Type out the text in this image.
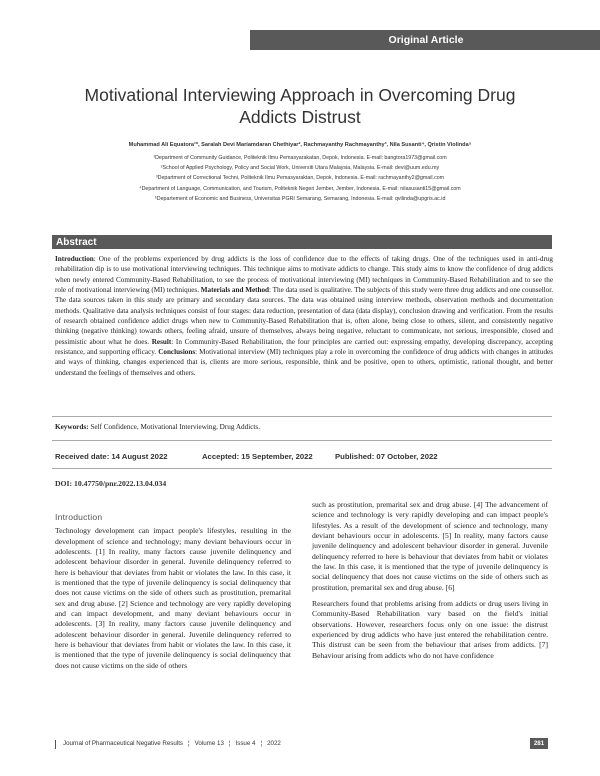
Original Article
Motivational Interviewing Approach in Overcoming Drug Addicts Distrust
Muhammad Ali Equatora¹*, Saralah Devi Mariamdaran Chethiyar², Rachmayanthy Rachmayanthy³, Nila Susanti⁴, Qristin Violinda⁵
¹Department of Community Guidance, Politeknik Ilmu Pemasyarakatan, Depok, Indonesia. E-mail: bangtora1973@gmail.com
²School of Applied Psychology, Policy and Social Work, Universiti Utara Malaysia, Malaysia. E-mail: devi@uum.edu.my
³Department of Correctional Techni, Politeknik Ilmu Pemasyaraktan, Depok, Indonesia. E-mail: rachmayanthy2@gmail.com
⁴Department of Language, Communication, and Tourism, Politeknik Negeri Jember, Jember, Indonesia. E-mail: nilasusanti15@gmail.com
⁵Departement of Economic and Business, Universitas PGRI Semarang, Semarang, Indonesia. E-mail: qvilinda@upgris.ac.id
Abstract
Introduction: One of the problems experienced by drug addicts is the loss of confidence due to the effects of taking drugs. One of the techniques used in anti-drug rehabilitation dip is to use motivational interviewing techniques. This technique aims to motivate addicts to change. This study aims to know the confidence of drug addicts when newly entered Community-Based Rehabilitation, to see the process of motivational interviewing (MI) techniques in Community-Based Rehabilitation and to see the role of motivational interviewing (MI) techniques. Materials and Method: The data used is qualitative. The subjects of this study were three drug addicts and one counsellor. The data sources taken in this study are primary and secondary data sources. The data was obtained using interview methods, observation methods and documentation methods. Qualitative data analysis techniques consist of four stages: data reduction, presentation of data (data display), conclusion drawing and verification. From the results of research obtained confidence addict drugs when new to Community-Based Rehabilitation that is, often alone, being close to others, silent, and consistently negative thinking (negative thinking) towards others, feeling afraid, unsure of themselves, always being negative, reluctant to communicate, not serious, irresponsible, closed and pessimistic about what he does. Result: In Community-Based Rehabilitation, the four principles are carried out: expressing empathy, developing discrepancy, accepting resistance, and supporting efficacy. Conclusions: Motivational interview (MI) techniques play a role in overcoming the confidence of drug addicts with changes in attitudes and ways of thinking, changes experienced that is, clients are more serious, responsible, think and be positive, open to others, optimistic, rational thought, and better understand the feelings of themselves and others.
Keywords: Self Confidence, Motivational Interviewing, Drug Addicts.
Received date: 14 August 2022	Accepted: 15 September, 2022	Published: 07 October, 2022
DOI: 10.47750/pnr.2022.13.04.034
Introduction

Technology development can impact people's lifestyles, resulting in the development of science and technology; many deviant behaviours occur in adolescents. [1] In reality, many factors cause juvenile delinquency and adolescent behaviour disorder in general. Juvenile delinquency referred to here is behaviour that deviates from habit or violates the law. In this case, it is mentioned that the type of juvenile delinquency is social delinquency that does not cause victims on the side of others such as prostitution, premarital sex and drug abuse. [2] Science and technology are very rapidly developing and can impact development, and many deviant behaviours occur in adolescents. [3] In reality, many factors cause juvenile delinquency and adolescent behaviour disorder in general. Juvenile delinquency referred to here is behaviour that deviates from habit or violates the law. In this case, it is mentioned that the type of juvenile delinquency is social delinquency that does not cause victims on the side of others

such as prostitution, premarital sex and drug abuse. [4] The advancement of science and technology is very rapidly developing and can impact people's lifestyles. As a result of the development of science and technology, many deviant behaviours occur in adolescents. [5] In reality, many factors cause juvenile delinquency and adolescent behaviour disorder in general. Juvenile delinquency referred to here is behaviour that deviates from habit or violates the law. In this case, it is mentioned that the type of juvenile delinquency is social delinquency that does not cause victims on the side of others such as prostitution, premarital sex and drug abuse. [6]

Researchers found that problems arising from addicts or drug users living in Community-Based Rehabilitation vary based on the field's initial observations. However, researchers focus only on one issue: the distrust experienced by drug addicts who have just entered the rehabilitation centre. This distrust can be seen from the behaviour that arises from addicts. [7] Behaviour arising from addicts who do not have confidence

Journal of Pharmaceutical Negative Results ¦ Volume 13 ¦ Issue 4 ¦ 2022	281
